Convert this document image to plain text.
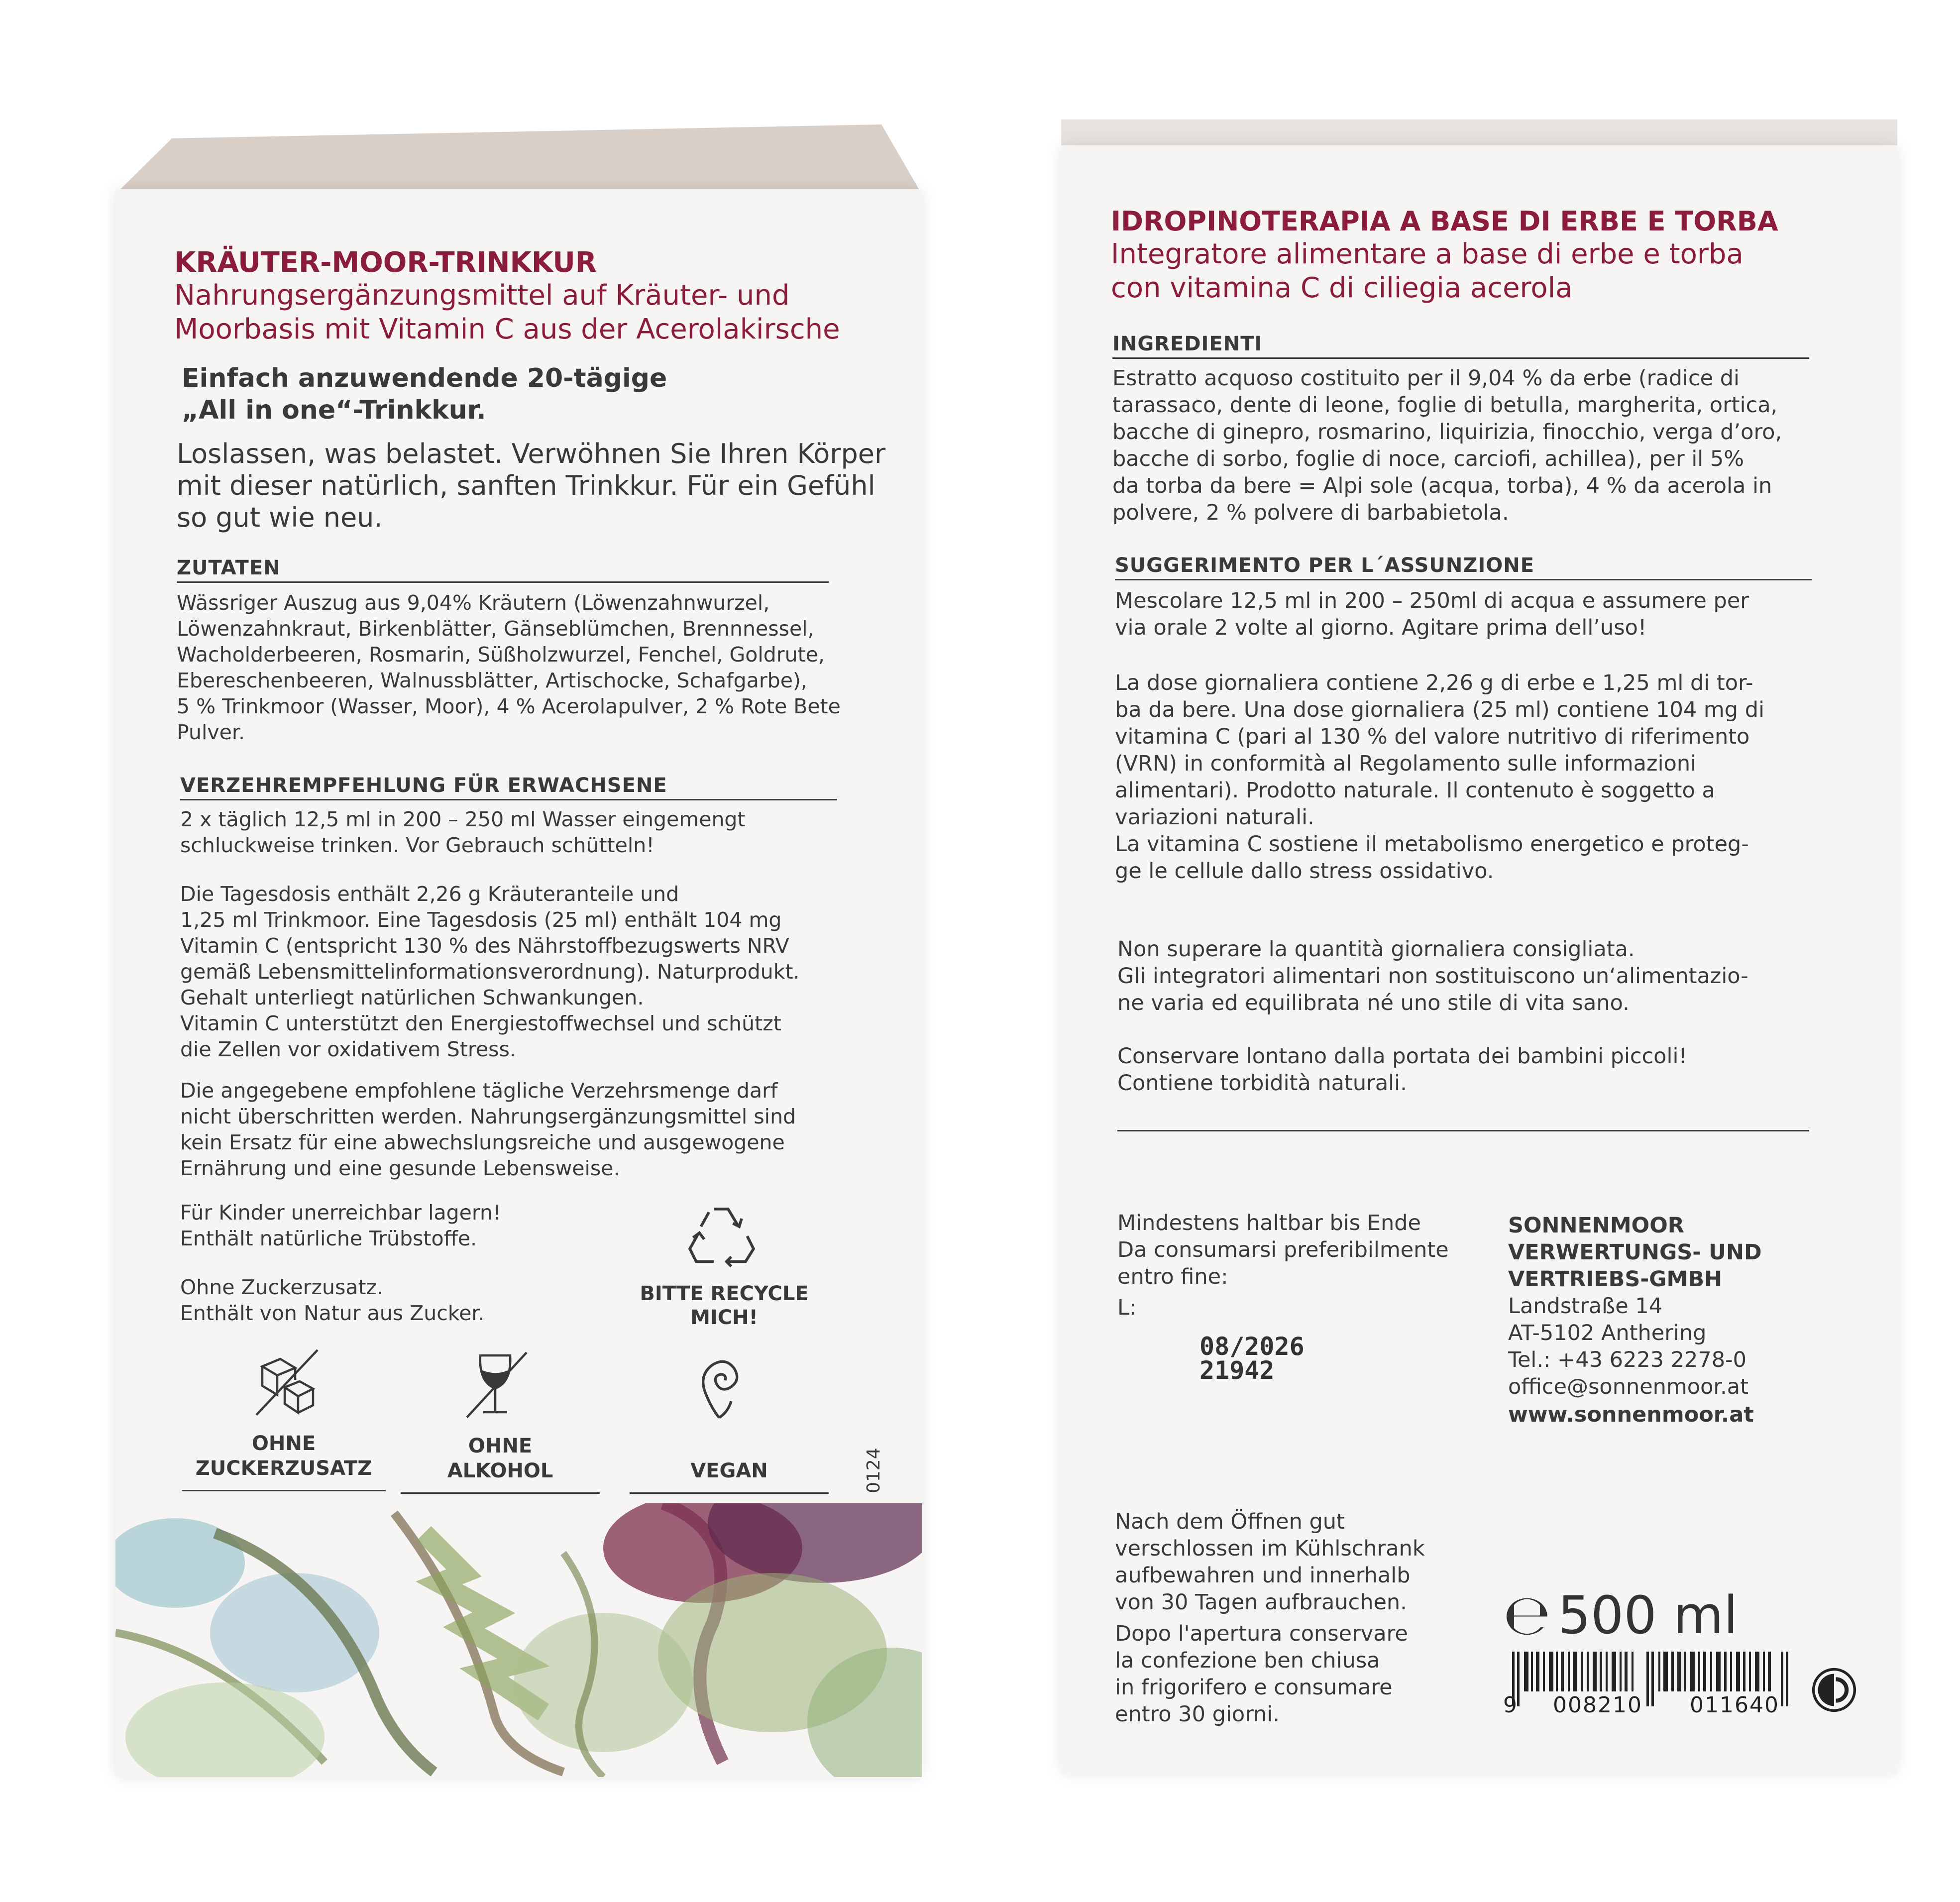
KRÄUTER-MOOR-TRINKKUR
Nahrungsergänzungsmittel auf Kräuter- und
Moorbasis mit Vitamin C aus der Acerolakirsche
Einfach anzuwendende 20-tägige
„All in one“-Trinkkur.
Loslassen, was belastet. Verwöhnen Sie Ihren Körper
mit dieser natürlich, sanften Trinkkur. Für ein Gefühl
so gut wie neu.
ZUTATEN
Wässriger Auszug aus 9,04% Kräutern (Löwenzahnwurzel,
Löwenzahnkraut, Birkenblätter, Gänseblümchen, Brennnessel,
Wacholderbeeren, Rosmarin, Süßholzwurzel, Fenchel, Goldrute,
Ebereschenbeeren, Walnussblätter, Artischocke, Schafgarbe),
5 % Trinkmoor (Wasser, Moor), 4 % Acerolapulver, 2 % Rote Bete
Pulver.
VERZEHREMPFEHLUNG FÜR ERWACHSENE
2 x täglich 12,5 ml in 200 – 250 ml Wasser eingemengt
schluckweise trinken. Vor Gebrauch schütteln!
Die Tagesdosis enthält 2,26 g Kräuteranteile und
1,25 ml Trinkmoor. Eine Tagesdosis (25 ml) enthält 104 mg
Vitamin C (entspricht 130 % des Nährstoffbezugswerts NRV
gemäß Lebensmittelinformationsverordnung). Naturprodukt.
Gehalt unterliegt natürlichen Schwankungen.
Vitamin C unterstützt den Energiestoffwechsel und schützt
die Zellen vor oxidativem Stress.
Die angegebene empfohlene tägliche Verzehrsmenge darf
nicht überschritten werden. Nahrungsergänzungsmittel sind
kein Ersatz für eine abwechslungsreiche und ausgewogene
Ernährung und eine gesunde Lebensweise.
Für Kinder unerreichbar lagern!
Enthält natürliche Trübstoffe.
Ohne Zuckerzusatz.
Enthält von Natur aus Zucker.
BITTE RECYCLE
MICH!
OHNE
ZUCKERZUSATZ
OHNE
ALKOHOL	VEGAN	0124
IDROPINOTERAPIA A BASE DI ERBE E TORBA
Integratore alimentare a base di erbe e torba
con vitamina C di ciliegia acerola
INGREDIENTI
Estratto acquoso costituito per il 9,04 % da erbe (radice di
tarassaco, dente di leone, foglie di betulla, margherita, ortica,
bacche di ginepro, rosmarino, liquirizia, finocchio, verga d’oro,
bacche di sorbo, foglie di noce, carciofi, achillea), per il 5%
da torba da bere = Alpi sole (acqua, torba), 4 % da acerola in
polvere, 2 % polvere di barbabietola.
SUGGERIMENTO PER L´ASSUNZIONE
Mescolare 12,5 ml in 200 – 250ml di acqua e assumere per
via orale 2 volte al giorno. Agitare prima dell’uso!
La dose giornaliera contiene 2,26 g di erbe e 1,25 ml di tor-
ba da bere. Una dose giornaliera (25 ml) contiene 104 mg di
vitamina C (pari al 130 % del valore nutritivo di riferimento
(VRN) in conformità al Regolamento sulle informazioni
alimentari). Prodotto naturale. Il contenuto è soggetto a
variazioni naturali.
La vitamina C sostiene il metabolismo energetico e proteg-
ge le cellule dallo stress ossidativo.
Non superare la quantità giornaliera consigliata.
Gli integratori alimentari non sostituiscono un‘alimentazio-
ne varia ed equilibrata né uno stile di vita sano.
Conservare lontano dalla portata dei bambini piccoli!
Contiene torbidità naturali.
Mindestens haltbar bis Ende
Da consumarsi preferibilmente
entro fine:
L:
08/2026
21942
SONNENMOOR
VERWERTUNGS- UND
VERTRIEBS-GMBH
Landstraße 14
AT-5102 Anthering
Tel.: +43 6223 2278-0
office@sonnenmoor.at
www.sonnenmoor.at
Nach dem Öffnen gut
verschlossen im Kühlschrank
aufbewahren und innerhalb
von 30 Tagen aufbrauchen.
Dopo l'apertura conservare
la confezione ben chiusa
in frigorifero e consumare
entro 30 giorni.
℮ 500 ml
9 008210 011640
